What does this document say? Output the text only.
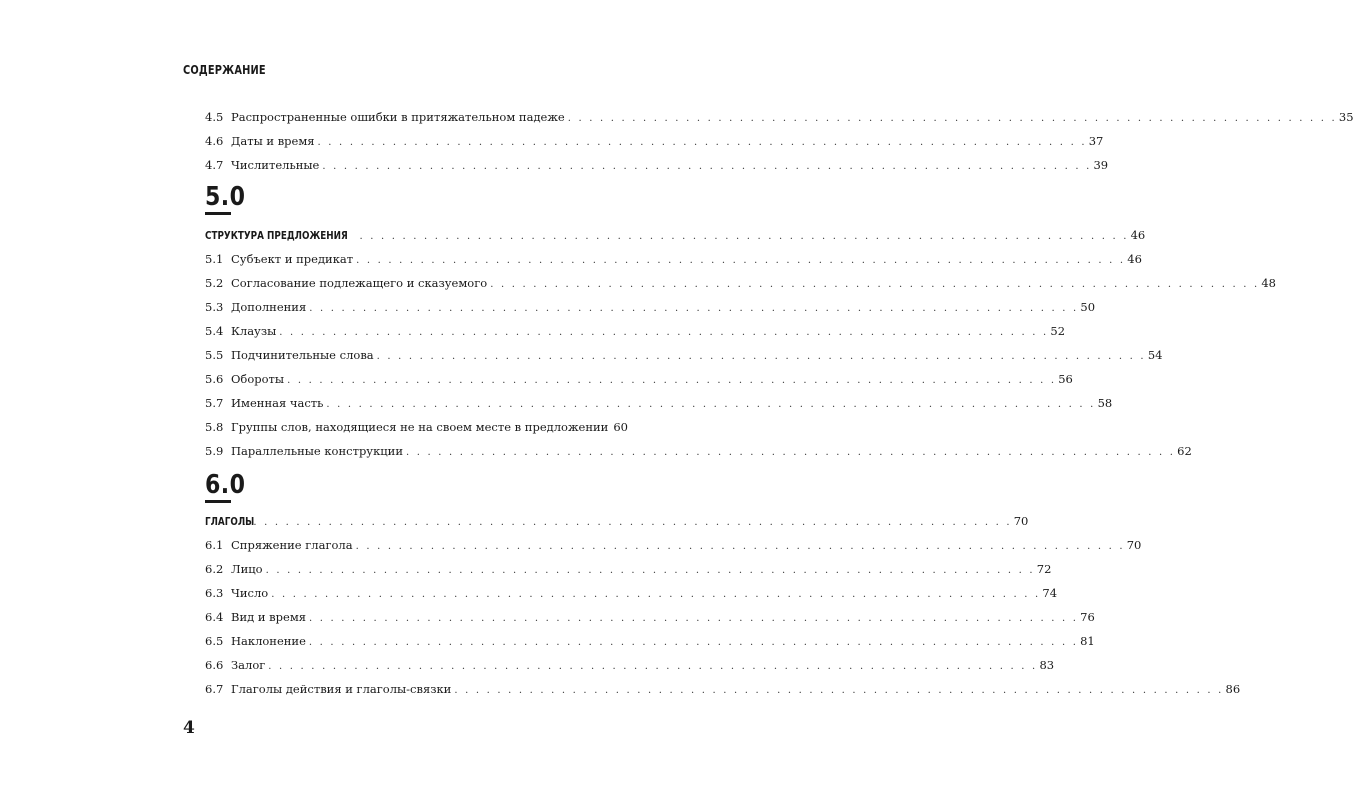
СОДЕРЖАНИЕ
4
4.5 Распространенные ошибки в притяжательном падеже . . . . . . . . . . . . . . . . . . . . . . . . . . . . . . . . . . . . . . . . . . . . . . . . . . . . . . . . . . . . . . . . . . . . . . . . 35
4.6 Даты и время . . . . . . . . . . . . . . . . . . . . . . . . . . . . . . . . . . . . . . . . . . . . . . . . . . . . . . . . . . . . . . . . . . . . . . . . 37
4.7 Числительные . . . . . . . . . . . . . . . . . . . . . . . . . . . . . . . . . . . . . . . . . . . . . . . . . . . . . . . . . . . . . . . . . . . . . . . . 39
5.0
СТРУКТУРА ПРЕДЛОЖЕНИЯ . . . . . . . . . . . . . . . . . . . . . . . . . . . . . . . . . . . . . . . . . . . . . . . . . . . . . . . . . . . . . . . . . . . . . . . . 46
5.1 Субъект и предикат . . . . . . . . . . . . . . . . . . . . . . . . . . . . . . . . . . . . . . . . . . . . . . . . . . . . . . . . . . . . . . . . . . . . . . . . 46
5.2 Согласование подлежащего и сказуемого . . . . . . . . . . . . . . . . . . . . . . . . . . . . . . . . . . . . . . . . . . . . . . . . . . . . . . . . . . . . . . . . . . . . . . . . 48
5.3 Дополнения . . . . . . . . . . . . . . . . . . . . . . . . . . . . . . . . . . . . . . . . . . . . . . . . . . . . . . . . . . . . . . . . . . . . . . . . 50
5.4 Клаузы . . . . . . . . . . . . . . . . . . . . . . . . . . . . . . . . . . . . . . . . . . . . . . . . . . . . . . . . . . . . . . . . . . . . . . . . 52
5.5 Подчинительные слова . . . . . . . . . . . . . . . . . . . . . . . . . . . . . . . . . . . . . . . . . . . . . . . . . . . . . . . . . . . . . . . . . . . . . . . . 54
5.6 Обороты . . . . . . . . . . . . . . . . . . . . . . . . . . . . . . . . . . . . . . . . . . . . . . . . . . . . . . . . . . . . . . . . . . . . . . . . 56
5.7 Именная часть . . . . . . . . . . . . . . . . . . . . . . . . . . . . . . . . . . . . . . . . . . . . . . . . . . . . . . . . . . . . . . . . . . . . . . . . 58
5.8 Группы слов, находящиеся не на своем месте в предложении 60
5.9 Параллельные конструкции . . . . . . . . . . . . . . . . . . . . . . . . . . . . . . . . . . . . . . . . . . . . . . . . . . . . . . . . . . . . . . . . . . . . . . . . 62
6.0
ГЛАГОЛЫ
. . . . . . . . . . . . . . . . . . . . . . . . . . . . . . . . . . . . . . . . . . . . . . . . . . . . . . . . . . . . . . . . . . . . . . . . 70
6.1 Спряжение глагола . . . . . . . . . . . . . . . . . . . . . . . . . . . . . . . . . . . . . . . . . . . . . . . . . . . . . . . . . . . . . . . . . . . . . . . . 70
6.2 Лицо . . . . . . . . . . . . . . . . . . . . . . . . . . . . . . . . . . . . . . . . . . . . . . . . . . . . . . . . . . . . . . . . . . . . . . . . 72
6.3 Число . . . . . . . . . . . . . . . . . . . . . . . . . . . . . . . . . . . . . . . . . . . . . . . . . . . . . . . . . . . . . . . . . . . . . . . . 74
6.4 Вид и время . . . . . . . . . . . . . . . . . . . . . . . . . . . . . . . . . . . . . . . . . . . . . . . . . . . . . . . . . . . . . . . . . . . . . . . . 76
6.5 Наклонение . . . . . . . . . . . . . . . . . . . . . . . . . . . . . . . . . . . . . . . . . . . . . . . . . . . . . . . . . . . . . . . . . . . . . . . . 81
6.6 Залог . . . . . . . . . . . . . . . . . . . . . . . . . . . . . . . . . . . . . . . . . . . . . . . . . . . . . . . . . . . . . . . . . . . . . . . . 83
6.7 Глаголы действия и глаголы-связки . . . . . . . . . . . . . . . . . . . . . . . . . . . . . . . . . . . . . . . . . . . . . . . . . . . . . . . . . . . . . . . . . . . . . . . . 86
